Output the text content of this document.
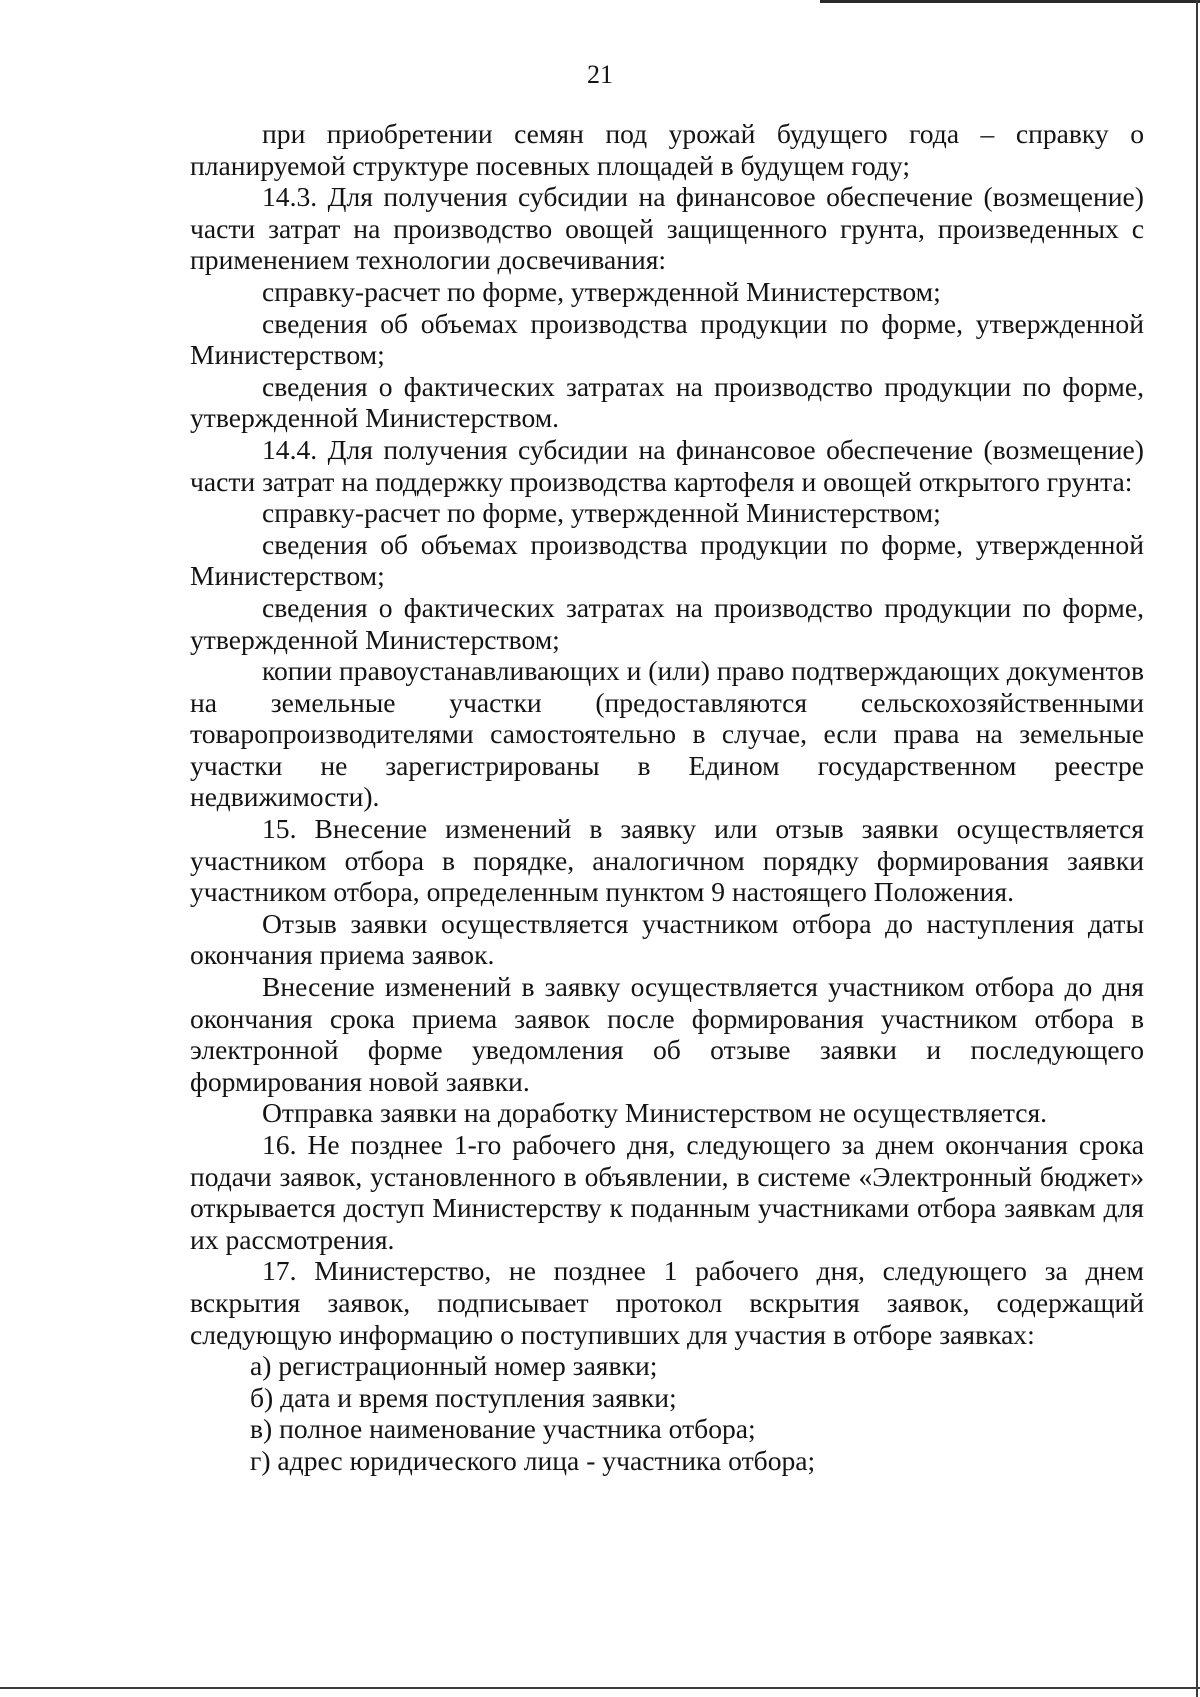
21

при приобретении семян под урожай будущего года – справку о планируемой структуре посевных площадей в будущем году;

14.3. Для получения субсидии на финансовое обеспечение (возмещение) части затрат на производство овощей защищенного грунта, произведенных с применением технологии досвечивания:

справку-расчет по форме, утвержденной Министерством;

сведения об объемах производства продукции по форме, утвержденной Министерством;

сведения о фактических затратах на производство продукции по форме, утвержденной Министерством.

14.4. Для получения субсидии на финансовое обеспечение (возмещение) части затрат на поддержку производства картофеля и овощей открытого грунта:

справку-расчет по форме, утвержденной Министерством;

сведения об объемах производства продукции по форме, утвержденной Министерством;

сведения о фактических затратах на производство продукции по форме, утвержденной Министерством;

копии правоустанавливающих и (или) право подтверждающих документов на земельные участки (предоставляются сельскохозяйственными товаропроизводителями самостоятельно в случае, если права на земельные участки не зарегистрированы в Едином государственном реестре недвижимости).

15. Внесение изменений в заявку или отзыв заявки осуществляется участником отбора в порядке, аналогичном порядку формирования заявки участником отбора, определенным пунктом 9 настоящего Положения.

Отзыв заявки осуществляется участником отбора до наступления даты окончания приема заявок.

Внесение изменений в заявку осуществляется участником отбора до дня окончания срока приема заявок после формирования участником отбора в электронной форме уведомления об отзыве заявки и последующего формирования новой заявки.

Отправка заявки на доработку Министерством не осуществляется.

16. Не позднее 1-го рабочего дня, следующего за днем окончания срока подачи заявок, установленного в объявлении, в системе «Электронный бюджет» открывается доступ Министерству к поданным участниками отбора заявкам для их рассмотрения.

17. Министерство, не позднее 1 рабочего дня, следующего за днем вскрытия заявок, подписывает протокол вскрытия заявок, содержащий следующую информацию о поступивших для участия в отборе заявках:

а) регистрационный номер заявки;

б) дата и время поступления заявки;

в) полное наименование участника отбора;

г) адрес юридического лица - участника отбора;
